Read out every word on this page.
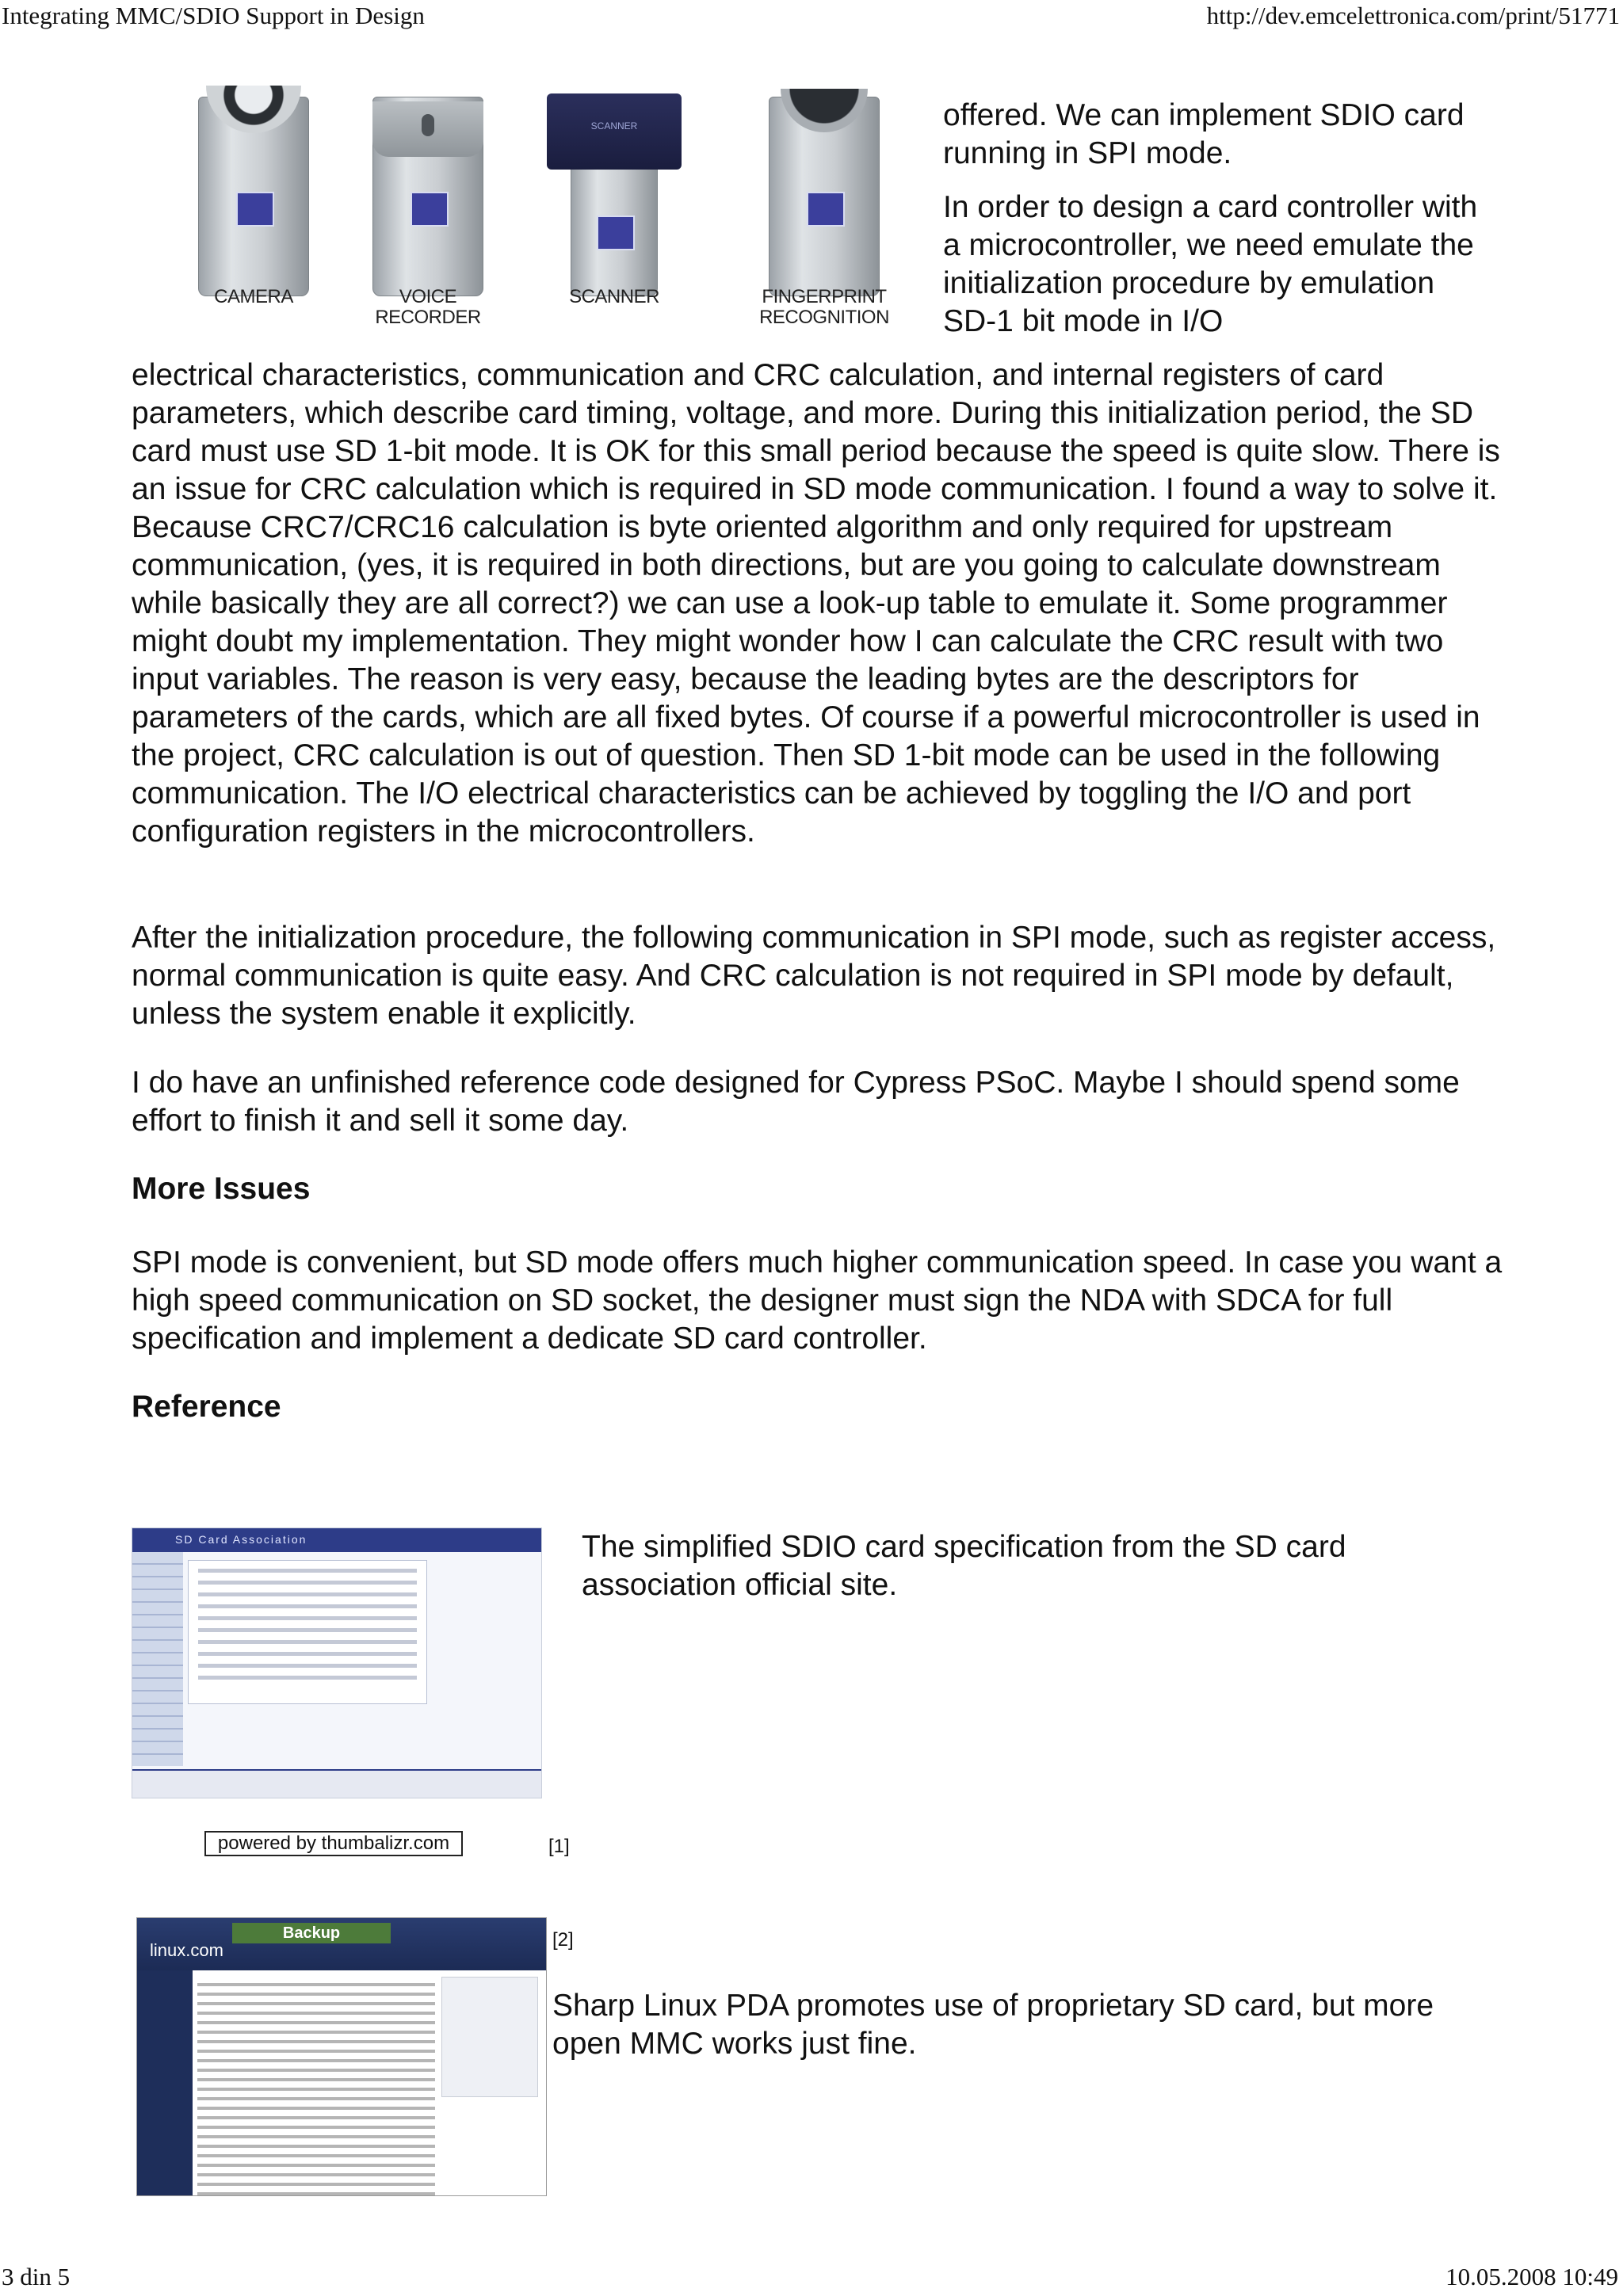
Integrating MMC/SDIO Support in Design	http://dev.emcelettronica.com/print/51771
CAMERA	VOICE RECORDER
SCANNER
SCANNER	FINGERPRINT RECOGNITION

offered. We can implement SDIO card running in SPI mode.

In order to design a card controller with a microcontroller, we need emulate the initialization procedure by emulation SD-1 bit mode in I/O

electrical characteristics, communication and CRC calculation, and internal registers of card parameters, which describe card timing, voltage, and more. During this initialization period, the SD card must use SD 1-bit mode. It is OK for this small period because the speed is quite slow. There is an issue for CRC calculation which is required in SD mode communication. I found a way to solve it. Because CRC7/CRC16 calculation is byte oriented algorithm and only required for upstream communication, (yes, it is required in both directions, but are you going to calculate downstream while basically they are all correct?) we can use a look-up table to emulate it. Some programmer might doubt my implementation. They might wonder how I can calculate the CRC result with two input variables. The reason is very easy, because the leading bytes are the descriptors for parameters of the cards, which are all fixed bytes. Of course if a powerful microcontroller is used in the project, CRC calculation is out of question. Then SD 1-bit mode can be used in the following communication. The I/O electrical characteristics can be achieved by toggling the I/O and port configuration registers in the microcontrollers.

After the initialization procedure, the following communication in SPI mode, such as register access, normal communication is quite easy. And CRC calculation is not required in SPI mode by default, unless the system enable it explicitly.
I do have an unfinished reference code designed for Cypress PSoC. Maybe I should spend some effort to finish it and sell it some day.
More Issues
SPI mode is convenient, but SD mode offers much higher communication speed. In case you want a high speed communication on SD socket, the designer must sign the NDA with SDCA for full specification and implement a dedicate SD card controller.
Reference
SD Card Association	The simplified SDIO card specification from the SD card association official site.
powered by thumbalizr.com	[1]
[2]
linux.com
Backup
Sharp Linux PDA promotes use of proprietary SD card, but more open MMC works just fine.
3 din 5	10.05.2008 10:49
